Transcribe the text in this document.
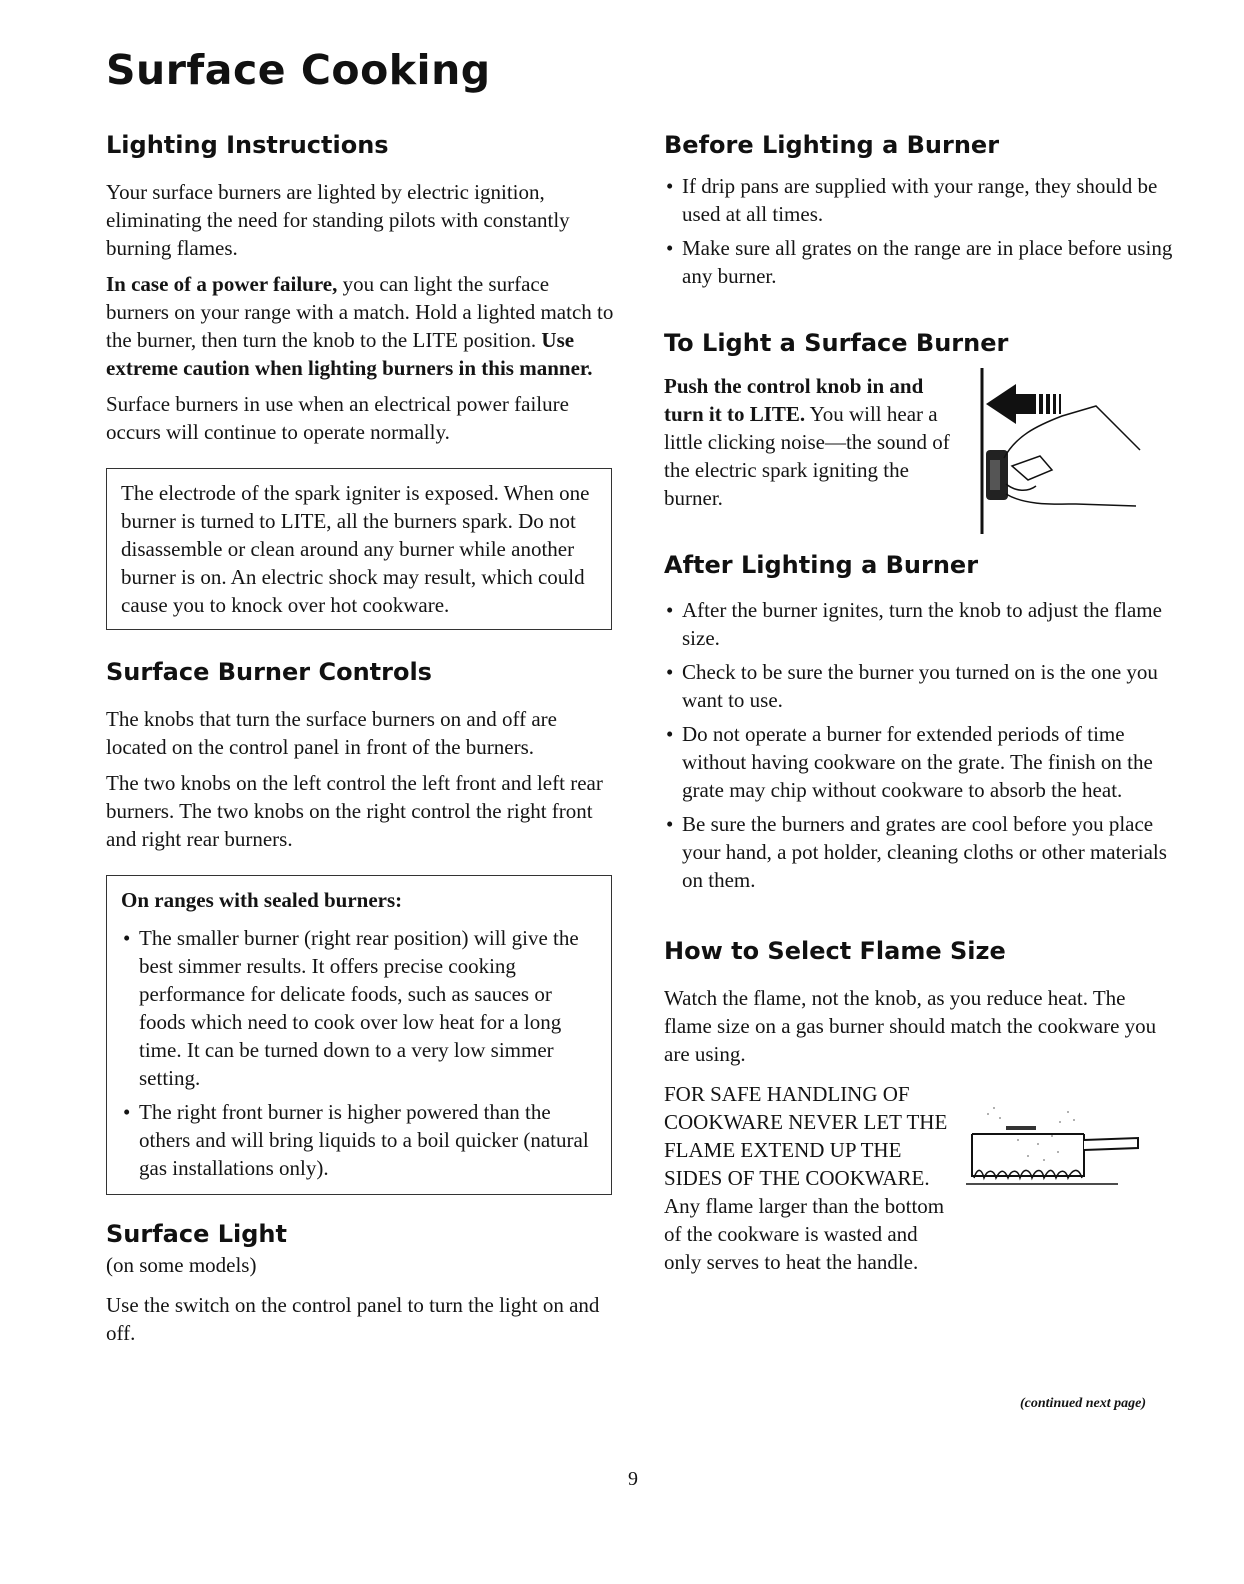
Surface Cooking
Lighting Instructions

Your surface burners are lighted by electric ignition, eliminating the need for standing pilots with constantly burning flames.

In case of a power failure, you can light the surface burners on your range with a match. Hold a lighted match to the burner, then turn the knob to the LITE position. Use extreme caution when lighting burners in this manner.

Surface burners in use when an electrical power failure occurs will continue to operate normally.

The electrode of the spark igniter is exposed. When one burner is turned to LITE, all the burners spark. Do not disassemble or clean around any burner while another burner is on. An electric shock may result, which could cause you to knock over hot cookware.

Surface Burner Controls

The knobs that turn the surface burners on and off are located on the control panel in front of the burners.

The two knobs on the left control the left front and left rear burners. The two knobs on the right control the right front and right rear burners.

On ranges with sealed burners:

• The smaller burner (right rear position) will give the best simmer results. It offers precise cooking performance for delicate foods, such as sauces or foods which need to cook over low heat for a long time. It can be turned down to a very low simmer setting.
• The right front burner is higher powered than the others and will bring liquids to a boil quicker (natural gas installations only).
Surface Light

(on some models)

Use the switch on the control panel to turn the light on and off.

Before Lighting a Burner
• If drip pans are supplied with your range, they should be used at all times.
• Make sure all grates on the range are in place before using any burner.
To Light a Surface Burner

Push the control knob in and turn it to LITE. You will hear a little clicking noise—the sound of the electric spark igniting the burner.

After Lighting a Burner
• After the burner ignites, turn the knob to adjust the flame size.
• Check to be sure the burner you turned on is the one you want to use.
• Do not operate a burner for extended periods of time without having cookware on the grate. The finish on the grate may chip without cookware to absorb the heat.
• Be sure the burners and grates are cool before you place your hand, a pot holder, cleaning cloths or other materials on them.
How to Select Flame Size

Watch the flame, not the knob, as you reduce heat. The flame size on a gas burner should match the cookware you are using.

FOR SAFE HANDLING OF COOKWARE NEVER LET THE FLAME EXTEND UP THE SIDES OF THE COOKWARE. Any flame larger than the bottom of the cookware is wasted and only serves to heat the handle.

(continued next page)
9
